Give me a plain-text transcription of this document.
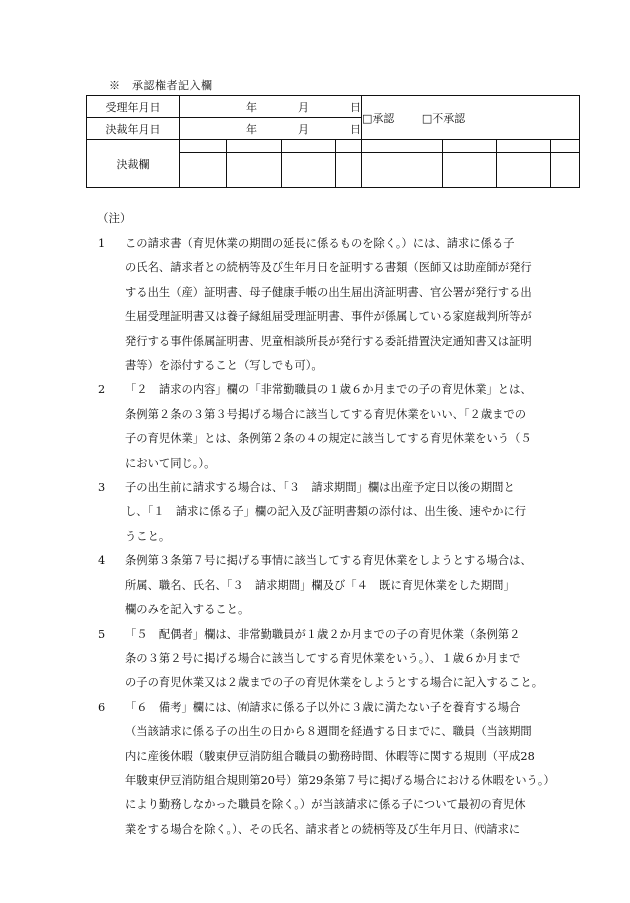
※　承認権者記入欄
受理年月日	年 月 日				□承認 □不承認			
決裁年月日	年 月 日							

決裁欄								

（注）
1	この請求書（育児休業の期間の延長に係るものを除く。）には、請求に係る子
の氏名、請求者との続柄等及び生年月日を証明する書類（医師又は助産師が発行
する出生（産）証明書、母子健康手帳の出生届出済証明書、官公署が発行する出
生届受理証明書又は養子縁組届受理証明書、事件が係属している家庭裁判所等が
発行する事件係属証明書、児童相談所長が発行する委託措置決定通知書又は証明
書等）を添付すること（写しでも可）。
2	「２　請求の内容」欄の「非常勤職員の１歳６か月までの子の育児休業」とは、
条例第２条の３第３号掲げる場合に該当してする育児休業をいい、「２歳までの
子の育児休業」とは、条例第２条の４の規定に該当してする育児休業をいう（５
において同じ。）。
3	子の出生前に請求する場合は、「３　請求期間」欄は出産予定日以後の期間と
し、「１　請求に係る子」欄の記入及び証明書類の添付は、出生後、速やかに行
うこと。
4	条例第３条第７号に掲げる事情に該当してする育児休業をしようとする場合は、
所属、職名、氏名、「３　請求期間」欄及び「４　既に育児休業をした期間」
欄のみを記入すること。
5	「５　配偶者」欄は、非常勤職員が１歳２か月までの子の育児休業（条例第２
条の３第２号に掲げる場合に該当してする育児休業をいう。）、１歳６か月まで
の子の育児休業又は２歳までの子の育児休業をしようとする場合に記入すること。
6	「６　備考」欄には、㈲請求に係る子以外に３歳に満たない子を養育する場合
（当該請求に係る子の出生の日から８週間を経過する日までに、職員（当該期間
内に産後休暇（駿東伊豆消防組合職員の勤務時間、休暇等に関する規則（平成28
年駿東伊豆消防組合規則第20号）第29条第７号に掲げる場合における休暇をいう。）
により勤務しなかった職員を除く。）が当該請求に係る子について最初の育児休
業をする場合を除く。）、その氏名、請求者との続柄等及び生年月日、㈹請求に
